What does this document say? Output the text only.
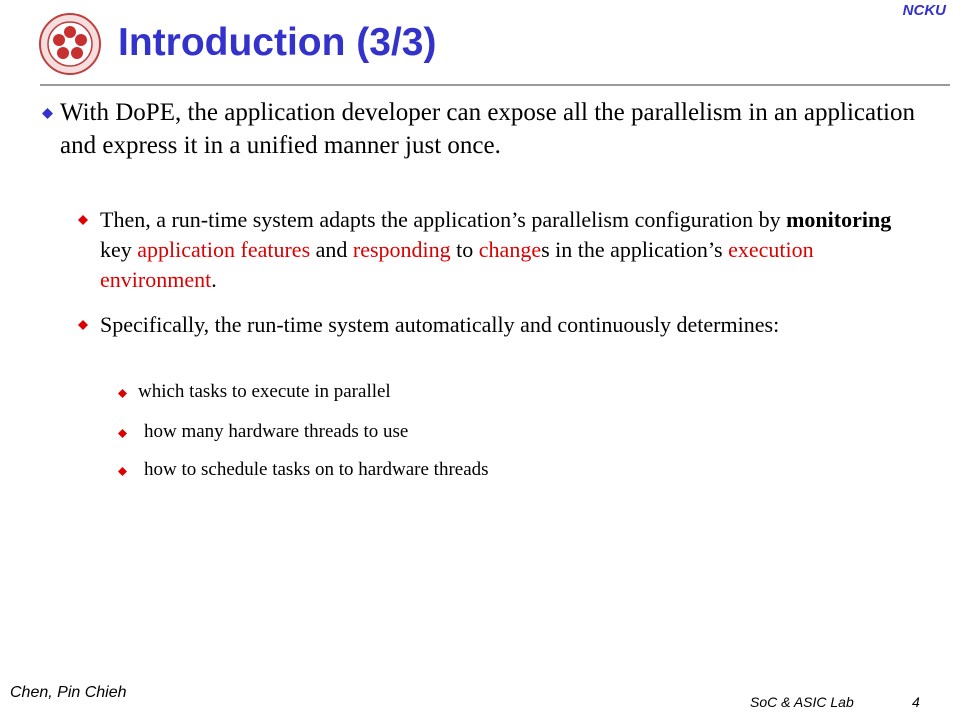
Introduction (3/3)
NCKU
With DoPE, the application developer can expose all the parallelism in an application and express it in a unified manner just once.
Then, a run-time system adapts the application’s parallelism configuration by monitoring key application features and responding to changes in the application’s execution environment.
Specifically, the run-time system automatically and continuously determines:
which tasks to execute in parallel
how many hardware threads to use
how to schedule tasks on to hardware threads
Chen, Pin Chieh
SoC & ASIC Lab	4
